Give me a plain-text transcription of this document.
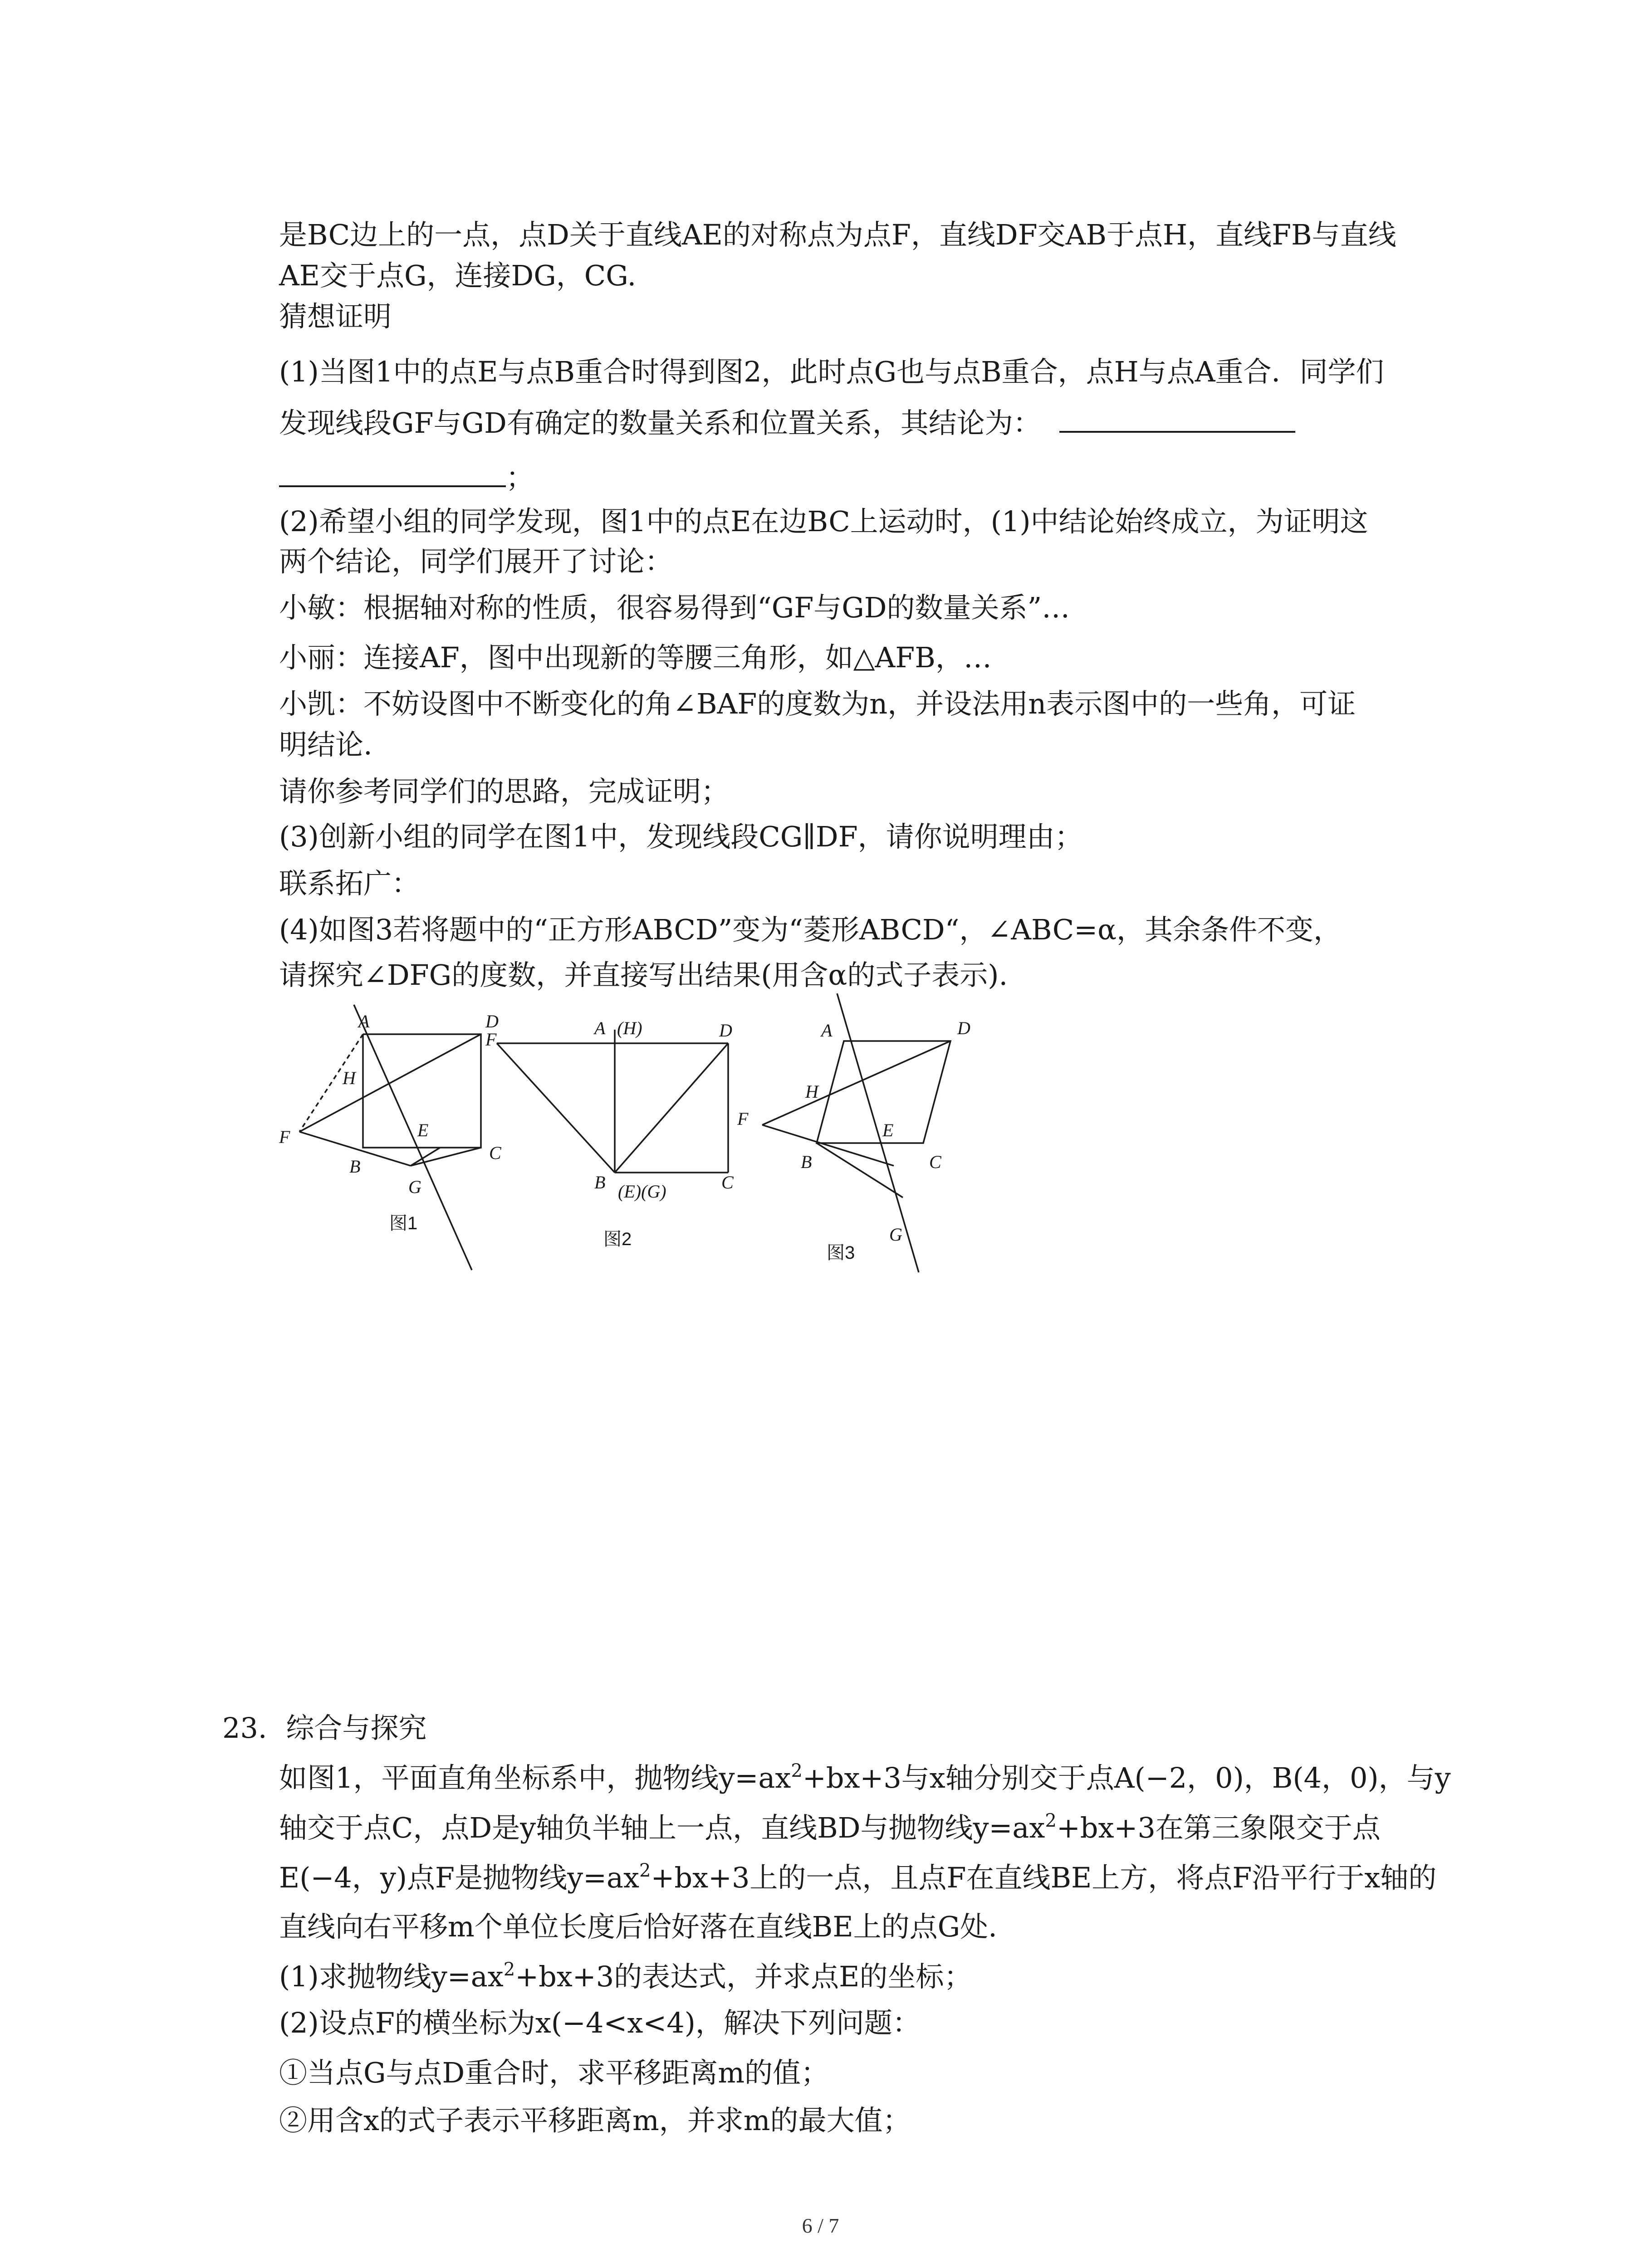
是BC边上的一点，点D关于直线AE的对称点为点F，直线DF交AB于点H，直线FB与直线
AE交于点G，连接DG，CG.
猜想证明
(1)当图1中的点E与点B重合时得到图2，此时点G也与点B重合，点H与点A重合．同学们
发现线段GF与GD有确定的数量关系和位置关系，其结论为：
；
(2)希望小组的同学发现，图1中的点E在边BC上运动时，(1)中结论始终成立，为证明这
两个结论，同学们展开了讨论：
小敏：根据轴对称的性质，很容易得到“GF与GD的数量关系”…
小丽：连接AF，图中出现新的等腰三角形，如△AFB，…
小凯：不妨设图中不断变化的角∠BAF的度数为n，并设法用n表示图中的一些角，可证
明结论.
请你参考同学们的思路，完成证明；
(3)创新小组的同学在图1中，发现线段CG∥DF，请你说明理由；
联系拓广：
(4)如图3若将题中的“正方形ABCD”变为“菱形ABCD“，∠ABC=α，其余条件不变，
请探究∠DFG的度数，并直接写出结果(用含α的式子表示).
A	D
H
F	E
B
C
G
图1
F
A (H)	D
B (E)(G)	C
图2
A	D
H
F
E
B	C
G
图3
23. 综合与探究
如图1，平面直角坐标系中，抛物线$y=ax^2+bx+3$与x轴分别交于点A(−2，0)，B(4，0)，与y
轴交于点C，点D是y轴负半轴上一点，直线BD与抛物线$y=ax^2+bx+3$在第三象限交于点
E(−4，y)点F是抛物线$y=ax^2+bx+3$上的一点，且点F在直线BE上方，将点F沿平行于x轴的
直线向右平移m个单位长度后恰好落在直线BE上的点G处.
(1)求抛物线$y=ax^2+bx+3$的表达式，并求点E的坐标；
(2)设点F的横坐标为x(−4<x<4)，解决下列问题：
①当点G与点D重合时，求平移距离m的值；
②用含x的式子表示平移距离m，并求m的最大值；
6 / 7
